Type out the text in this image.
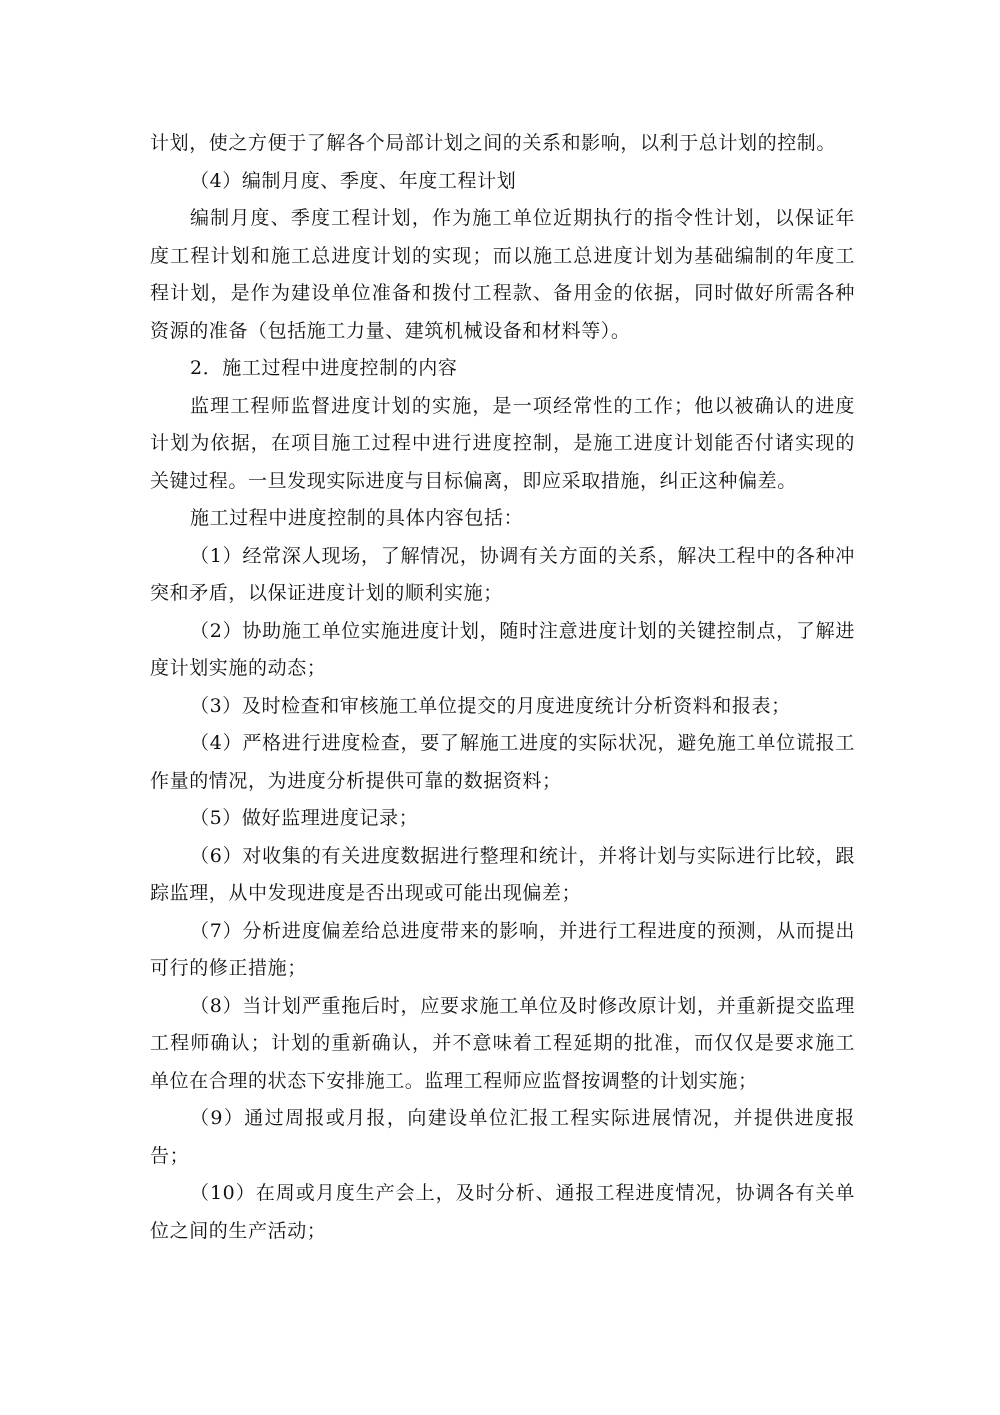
计划，使之方便于了解各个局部计划之间的关系和影响，以利于总计划的控制。

（4）编制月度、季度、年度工程计划

编制月度、季度工程计划，作为施工单位近期执行的指令性计划，以保证年度工程计划和施工总进度计划的实现；而以施工总进度计划为基础编制的年度工程计划，是作为建设单位准备和拨付工程款、备用金的依据，同时做好所需各种资源的准备（包括施工力量、建筑机械设备和材料等）。

2．施工过程中进度控制的内容

监理工程师监督进度计划的实施，是一项经常性的工作；他以被确认的进度计划为依据，在项目施工过程中进行进度控制，是施工进度计划能否付诸实现的关键过程。一旦发现实际进度与目标偏离，即应采取措施，纠正这种偏差。

施工过程中进度控制的具体内容包括：

（1）经常深人现场，了解情况，协调有关方面的关系，解决工程中的各种冲突和矛盾，以保证进度计划的顺利实施；

（2）协助施工单位实施进度计划，随时注意进度计划的关键控制点，了解进度计划实施的动态；

（3）及时检查和审核施工单位提交的月度进度统计分析资料和报表；

（4）严格进行进度检查，要了解施工进度的实际状况，避免施工单位谎报工作量的情况，为进度分析提供可靠的数据资料；

（5）做好监理进度记录；

（6）对收集的有关进度数据进行整理和统计，并将计划与实际进行比较，跟踪监理，从中发现进度是否出现或可能出现偏差；

（7）分析进度偏差给总进度带来的影响，并进行工程进度的预测，从而提出可行的修正措施；

（8）当计划严重拖后时，应要求施工单位及时修改原计划，并重新提交监理工程师确认；计划的重新确认，并不意味着工程延期的批准，而仅仅是要求施工单位在合理的状态下安排施工。监理工程师应监督按调整的计划实施；

（9）通过周报或月报，向建设单位汇报工程实际进展情况，并提供进度报告；

（10）在周或月度生产会上，及时分析、通报工程进度情况，协调各有关单位之间的生产活动；
